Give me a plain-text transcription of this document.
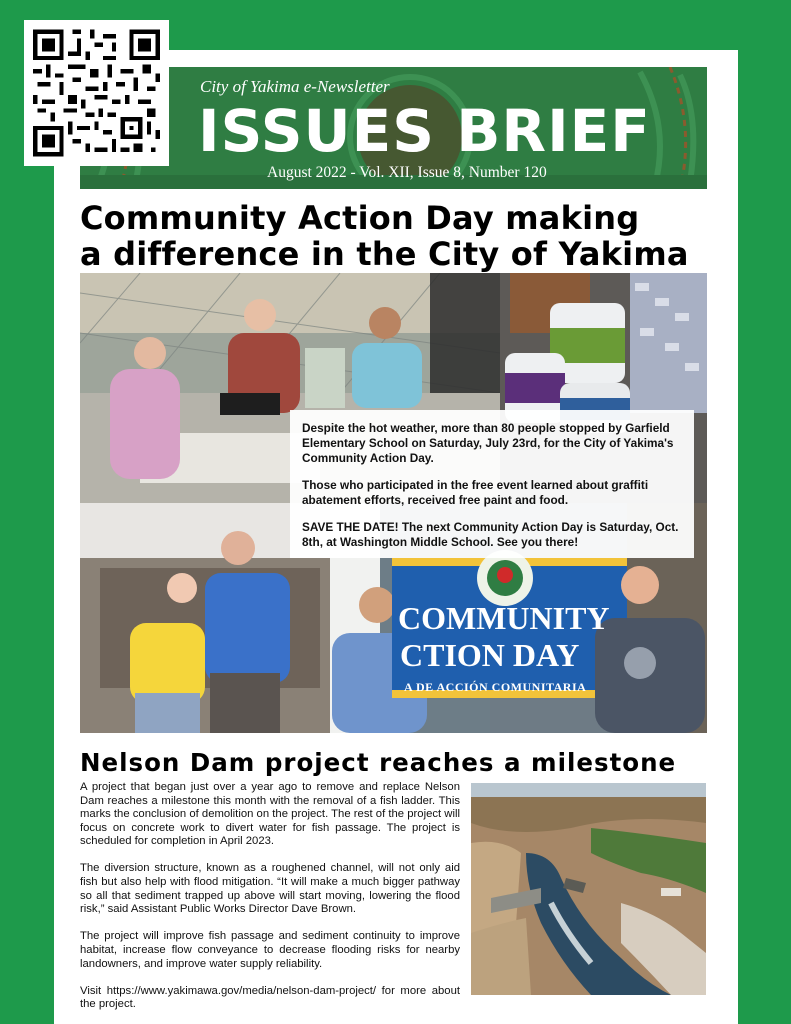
City of Yakima e-Newsletter
ISSUES BRIEF
August 2022 - Vol. XII, Issue 8, Number 120
Community Action Day making
a difference in the City of Yakima
COMMUNITY
CTION DAY
A DE ACCIÓN COMUNITARIA

Despite the hot weather, more than 80 people stopped by Garfield Elementary School on Saturday, July 23rd, for the City of Yakima's Community Action Day.

Those who participated in the free event learned about graffiti abatement efforts, received free paint and food.

SAVE THE DATE! The next Community Action Day is Saturday, Oct. 8th, at Washington Middle School. See you there!

Nelson Dam project reaches a milestone

A project that began just over a year ago to remove and replace Nelson Dam reaches a milestone this month with the removal of a fish ladder. This marks the conclusion of demolition on the project. The rest of the project will focus on concrete work to divert water for fish passage. The project is scheduled for completion in April 2023.

The diversion structure, known as a roughened channel, will not only aid fish but also help with flood mitigation. “It will make a much bigger pathway so all that sediment trapped up above will start moving, lowering the flood risk,” said Assistant Public Works Director Dave Brown.

The project will improve fish passage and sediment continuity to improve habitat, increase flow conveyance to decrease flooding risks for nearby landowners, and improve water supply reliability.

Visit https://www.yakimawa.gov/media/nelson-dam-project/ for more about the project.
